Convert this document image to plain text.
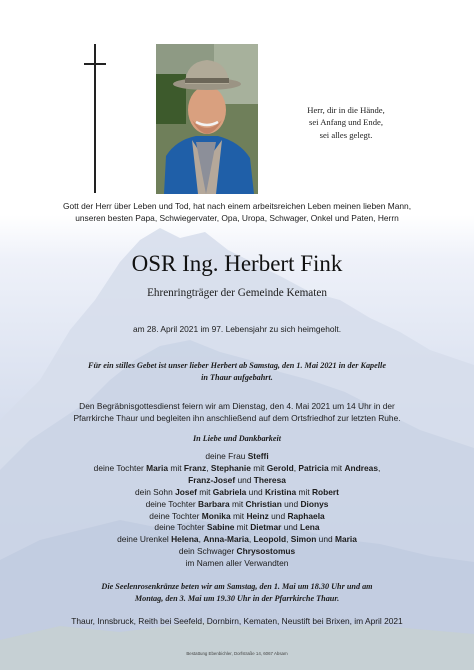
Herr, dir in die Hände,
sei Anfang und Ende,
sei alles gelegt.
Gott der Herr über Leben und Tod, hat nach einem arbeitsreichen Leben meinen lieben Mann,
unseren besten Papa, Schwiegervater, Opa, Uropa, Schwager, Onkel und Paten, Herrn
OSR Ing. Herbert Fink
Ehrenringträger der Gemeinde Kematen
am 28. April 2021 im 97. Lebensjahr zu sich heimgeholt.
Für ein stilles Gebet ist unser lieber Herbert ab Samstag, den 1. Mai 2021 in der Kapelle
in Thaur aufgebahrt.
Den Begräbnisgottesdienst feiern wir am Dienstag, den 4. Mai 2021 um 14 Uhr in der
Pfarrkirche Thaur und begleiten ihn anschließend auf dem Ortsfriedhof zur letzten Ruhe.
In Liebe und Dankbarkeit
deine Frau Steffi
deine Tochter Maria mit Franz, Stephanie mit Gerold, Patricia mit Andreas,
Franz-Josef und Theresa
dein Sohn Josef mit Gabriela und Kristina mit Robert
deine Tochter Barbara mit Christian und Dionys
deine Tochter Monika mit Heinz und Raphaela
deine Tochter Sabine mit Dietmar und Lena
deine Urenkel Helena, Anna-Maria, Leopold, Simon und Maria
dein Schwager Chrysostomus
im Namen aller Verwandten
Die Seelenrosenkränze beten wir am Samstag, den 1. Mai um 18.30 Uhr und am
Montag, den 3. Mai um 19.30 Uhr in der Pfarrkirche Thaur.
Thaur, Innsbruck, Reith bei Seefeld, Dornbirn, Kematen, Neustift bei Brixen, im April 2021
Bestattung Ebenbichler, Dorfstraße 14, 6067 Absam
